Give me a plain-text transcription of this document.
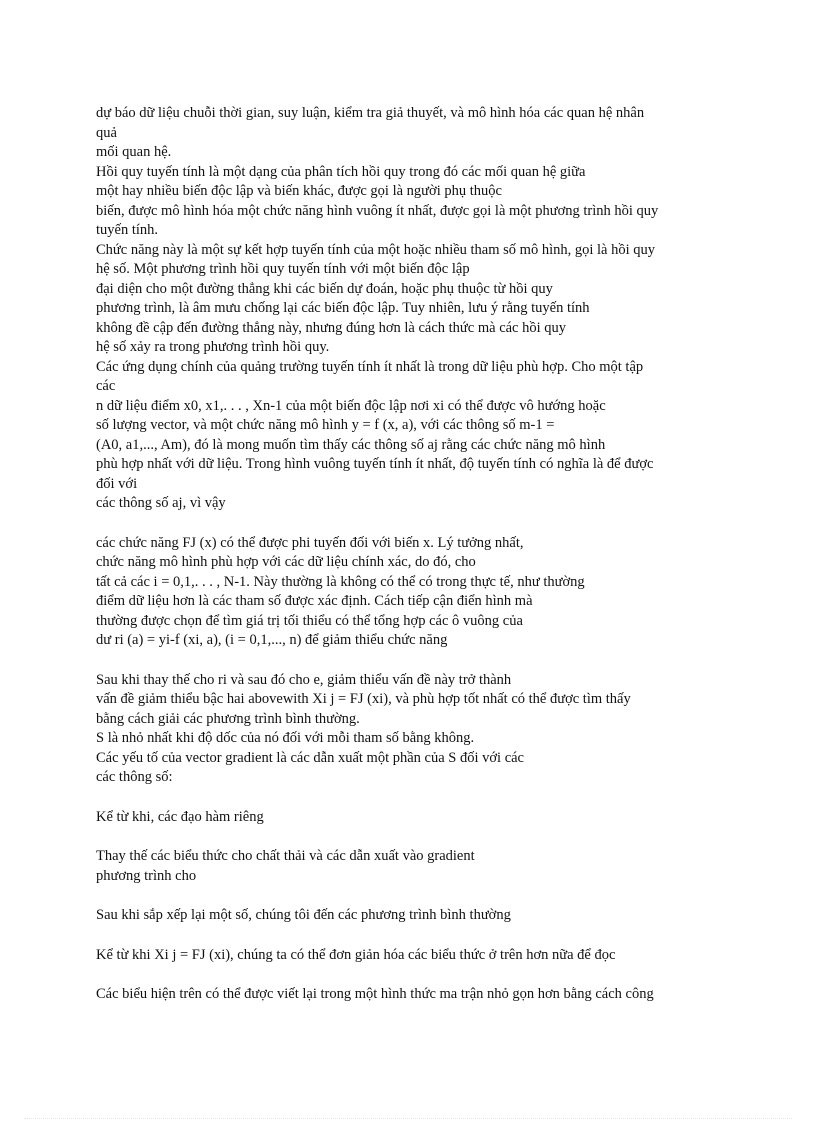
dự báo dữ liệu chuỗi thời gian, suy luận, kiểm tra giả thuyết, và mô hình hóa các quan hệ nhân
quả
mối quan hệ.
Hồi quy tuyến tính là một dạng của phân tích hồi quy trong đó các mối quan hệ giữa
một hay nhiều biến độc lập và biến khác, được gọi là người phụ thuộc
biến, được mô hình hóa một chức năng hình vuông ít nhất, được gọi là một phương trình hồi quy
tuyến tính.
Chức năng này là một sự kết hợp tuyến tính của một hoặc nhiều tham số mô hình, gọi là hồi quy
hệ số. Một phương trình hồi quy tuyến tính với một biến độc lập
đại diện cho một đường thẳng khi các biến dự đoán, hoặc phụ thuộc từ hồi quy
phương trình, là âm mưu chống lại các biến độc lập. Tuy nhiên, lưu ý rằng tuyến tính
không đề cập đến đường thẳng này, nhưng đúng hơn là cách thức mà các hồi quy
hệ số xảy ra trong phương trình hồi quy.
Các ứng dụng chính của quảng trường tuyến tính ít nhất là trong dữ liệu phù hợp. Cho một tập
các
n dữ liệu điểm x0, x1,. . . , Xn-1 của một biến độc lập nơi xi có thể được vô hướng hoặc
số lượng vector, và một chức năng mô hình y = f (x, a), với các thông số m-1 =
(A0, a1,..., Am), đó là mong muốn tìm thấy các thông số aj rằng các chức năng mô hình
phù hợp nhất với dữ liệu. Trong hình vuông tuyến tính ít nhất, độ tuyến tính có nghĩa là để được
đối với
các thông số aj, vì vậy
các chức năng FJ (x) có thể được phi tuyến đối với biến x. Lý tưởng nhất,
chức năng mô hình phù hợp với các dữ liệu chính xác, do đó, cho
tất cả các i = 0,1,. . . , N-1. Này thường là không có thể có trong thực tế, như thường
điểm dữ liệu hơn là các tham số được xác định. Cách tiếp cận điển hình mà
thường được chọn để tìm giá trị tối thiểu có thể tổng hợp các ô vuông của
dư ri (a) = yi-f (xi, a), (i = 0,1,..., n) để giảm thiểu chức năng
Sau khi thay thế cho ri và sau đó cho e, giảm thiểu vấn đề này trở thành
vấn đề giảm thiểu bậc hai abovewith Xi j = FJ (xi), và phù hợp tốt nhất có thể được tìm thấy
bằng cách giải các phương trình bình thường.
S là nhỏ nhất khi độ dốc của nó đối với mỗi tham số bằng không.
Các yếu tố của vector gradient là các dẫn xuất một phần của S đối với các
các thông số:
Kể từ khi, các đạo hàm riêng
Thay thế các biểu thức cho chất thải và các dẫn xuất vào gradient
phương trình cho
Sau khi sắp xếp lại một số, chúng tôi đến các phương trình bình thường
Kể từ khi Xi j = FJ (xi), chúng ta có thể đơn giản hóa các biểu thức ở trên hơn nữa để đọc
Các biểu hiện trên có thể được viết lại trong một hình thức ma trận nhỏ gọn hơn bằng cách công
